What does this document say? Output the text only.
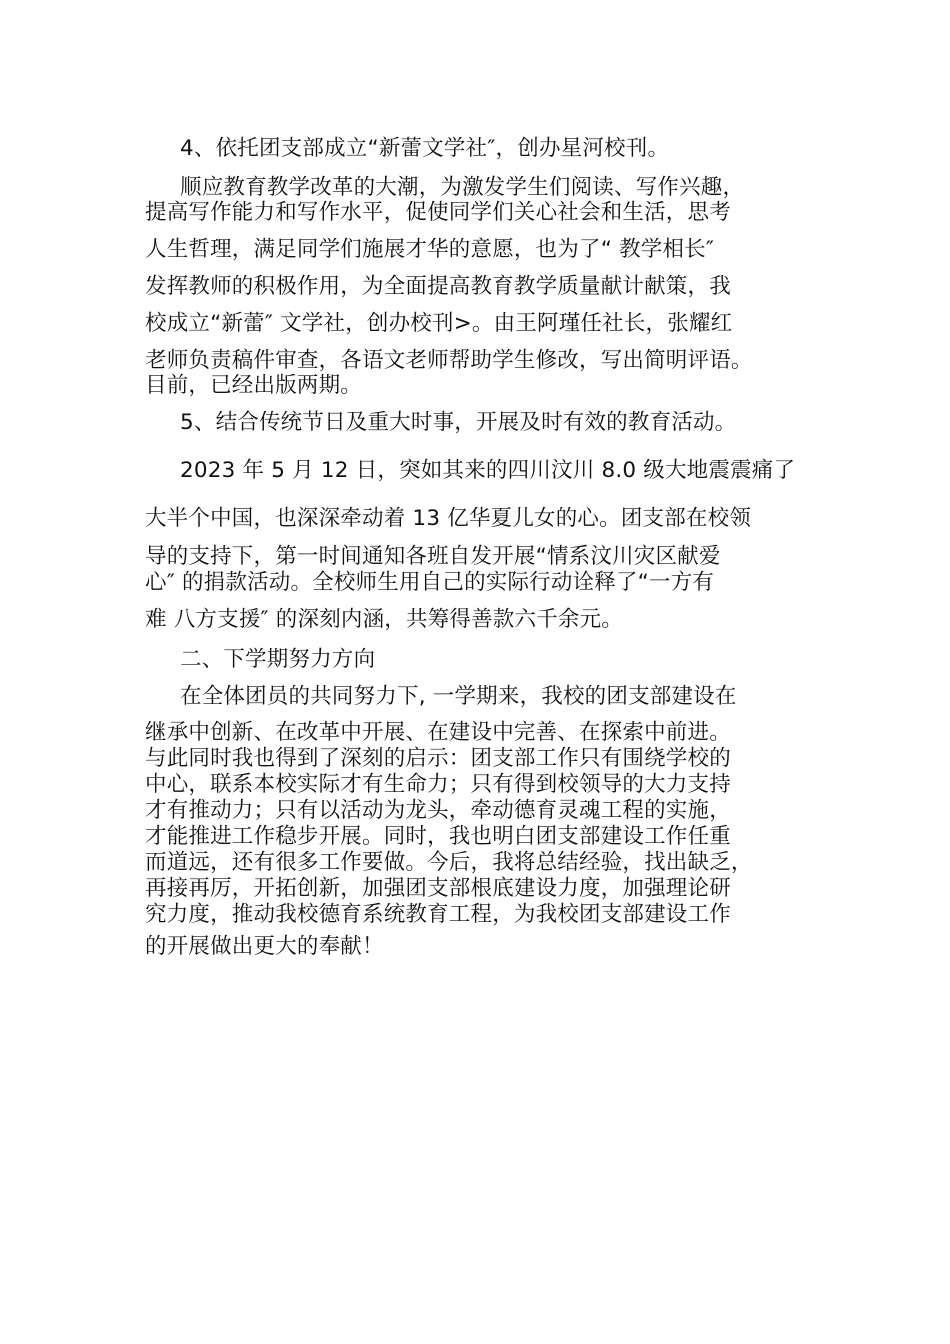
4、依托团支部成立“新蕾文学社″，创办星河校刊。
顺应教育教学改革的大潮，为激发学生们阅读、写作兴趣，
提高写作能力和写作水平，促使同学们关心社会和生活，思考
人生哲理，满足同学们施展才华的意愿，也为了“ 教学相长″
发挥教师的积极作用，为全面提高教育教学质量献计献策，我
校成立“新蕾″ 文学社，创办校刊>。由王阿瑾任社长，张耀红
老师负责稿件审查，各语文老师帮助学生修改，写出简明评语。
目前，已经出版两期。
5、结合传统节日及重大时事，开展及时有效的教育活动。
2023 年 5 月 12 日，突如其来的四川汶川 8.0 级大地震震痛了
大半个中国，也深深牵动着 13 亿华夏儿女的心。团支部在校领
导的支持下，第一时间通知各班自发开展“情系汶川灾区献爱
心″ 的捐款活动。全校师生用自己的实际行动诠释了“一方有
难 八方支援″ 的深刻内涵，共筹得善款六千余元。
二、下学期努力方向
在全体团员的共同努力下, 一学期来，我校的团支部建设在
继承中创新、在改革中开展、在建设中完善、在探索中前进。
与此同时我也得到了深刻的启示：团支部工作只有围绕学校的
中心，联系本校实际才有生命力；只有得到校领导的大力支持
才有推动力；只有以活动为龙头，牵动德育灵魂工程的实施，
才能推进工作稳步开展。同时，我也明白团支部建设工作任重
而道远，还有很多工作要做。今后，我将总结经验，找出缺乏，
再接再厉，开拓创新，加强团支部根底建设力度，加强理论研
究力度，推动我校德育系统教育工程，为我校团支部建设工作
的开展做出更大的奉献！
